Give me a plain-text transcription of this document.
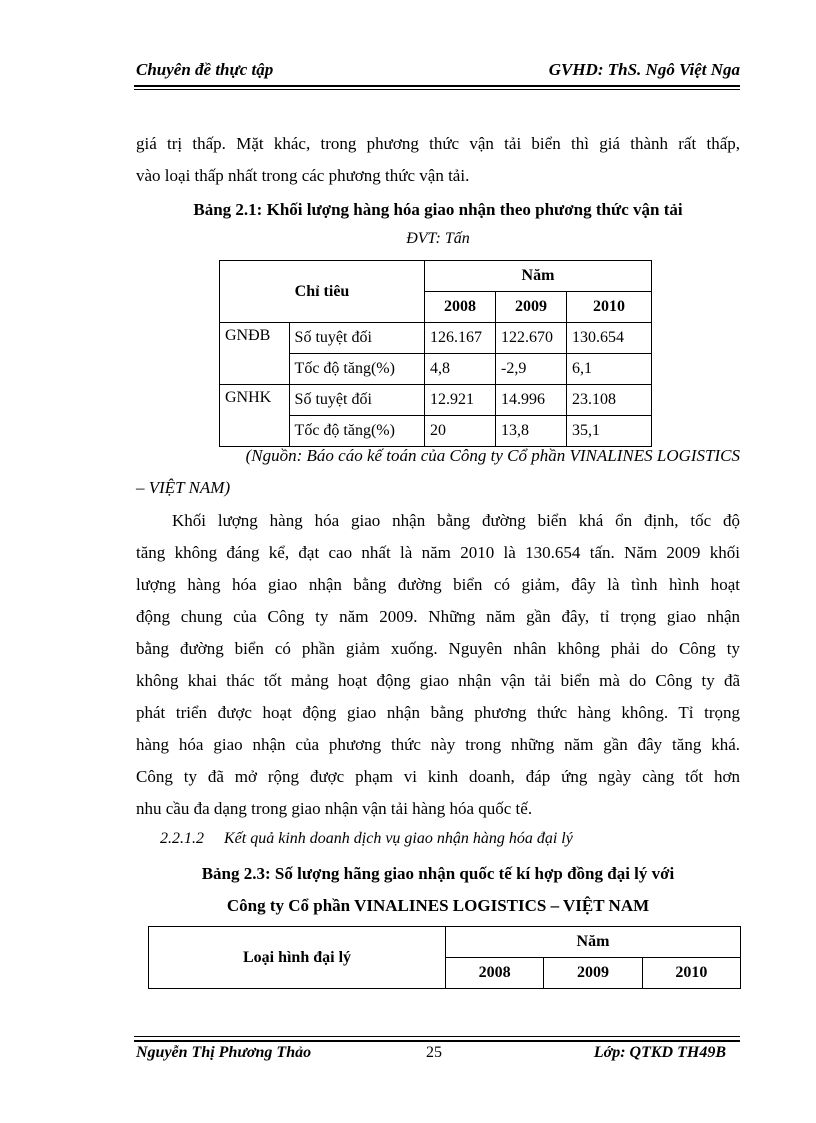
Chuyên đề thực tập	GVHD: ThS. Ngô Việt Nga
giá trị thấp. Mặt khác, trong phương thức vận tải biển thì giá thành rất thấp,
vào loại thấp nhất trong các phương thức vận tải.
Bảng 2.1: Khối lượng hàng hóa giao nhận theo phương thức vận tải
ĐVT: Tấn
Chỉ tiêu		Năm		
		2008	2009	2010
GNĐB	Số tuyệt đối	126.167	122.670	130.654
	Tốc độ tăng(%)	4,8	-2,9	6,1
GNHK	Số tuyệt đối	12.921	14.996	23.108
	Tốc độ tăng(%)	20	13,8	35,1
(Nguồn: Báo cáo kế toán của Công ty Cổ phần VINALINES LOGISTICS
– VIỆT NAM)
Khối lượng hàng hóa giao nhận bằng đường biển khá ổn định, tốc độ
tăng không đáng kể, đạt cao nhất là năm 2010 là 130.654 tấn. Năm 2009 khối
lượng hàng hóa giao nhận bằng đường biển có giảm, đây là tình hình hoạt
động chung của Công ty năm 2009. Những năm gần đây, tỉ trọng giao nhận
bằng đường biển có phần giảm xuống. Nguyên nhân không phải do Công ty
không khai thác tốt mảng hoạt động giao nhận vận tải biển mà do Công ty đã
phát triển được hoạt động giao nhận bằng phương thức hàng không. Tỉ trọng
hàng hóa giao nhận của phương thức này trong những năm gần đây tăng khá.
Công ty đã mở rộng được phạm vi kinh doanh, đáp ứng ngày càng tốt hơn
nhu cầu đa dạng trong giao nhận vận tải hàng hóa quốc tế.
2.2.1.2 Kết quả kinh doanh dịch vụ giao nhận hàng hóa đại lý
Bảng 2.3: Số lượng hãng giao nhận quốc tế kí hợp đồng đại lý với
Công ty Cổ phần VINALINES LOGISTICS – VIỆT NAM
Loại hình đại lý	Năm		
	2008	2009	2010
Nguyễn Thị Phương Thảo	25	Lớp: QTKD TH49B
